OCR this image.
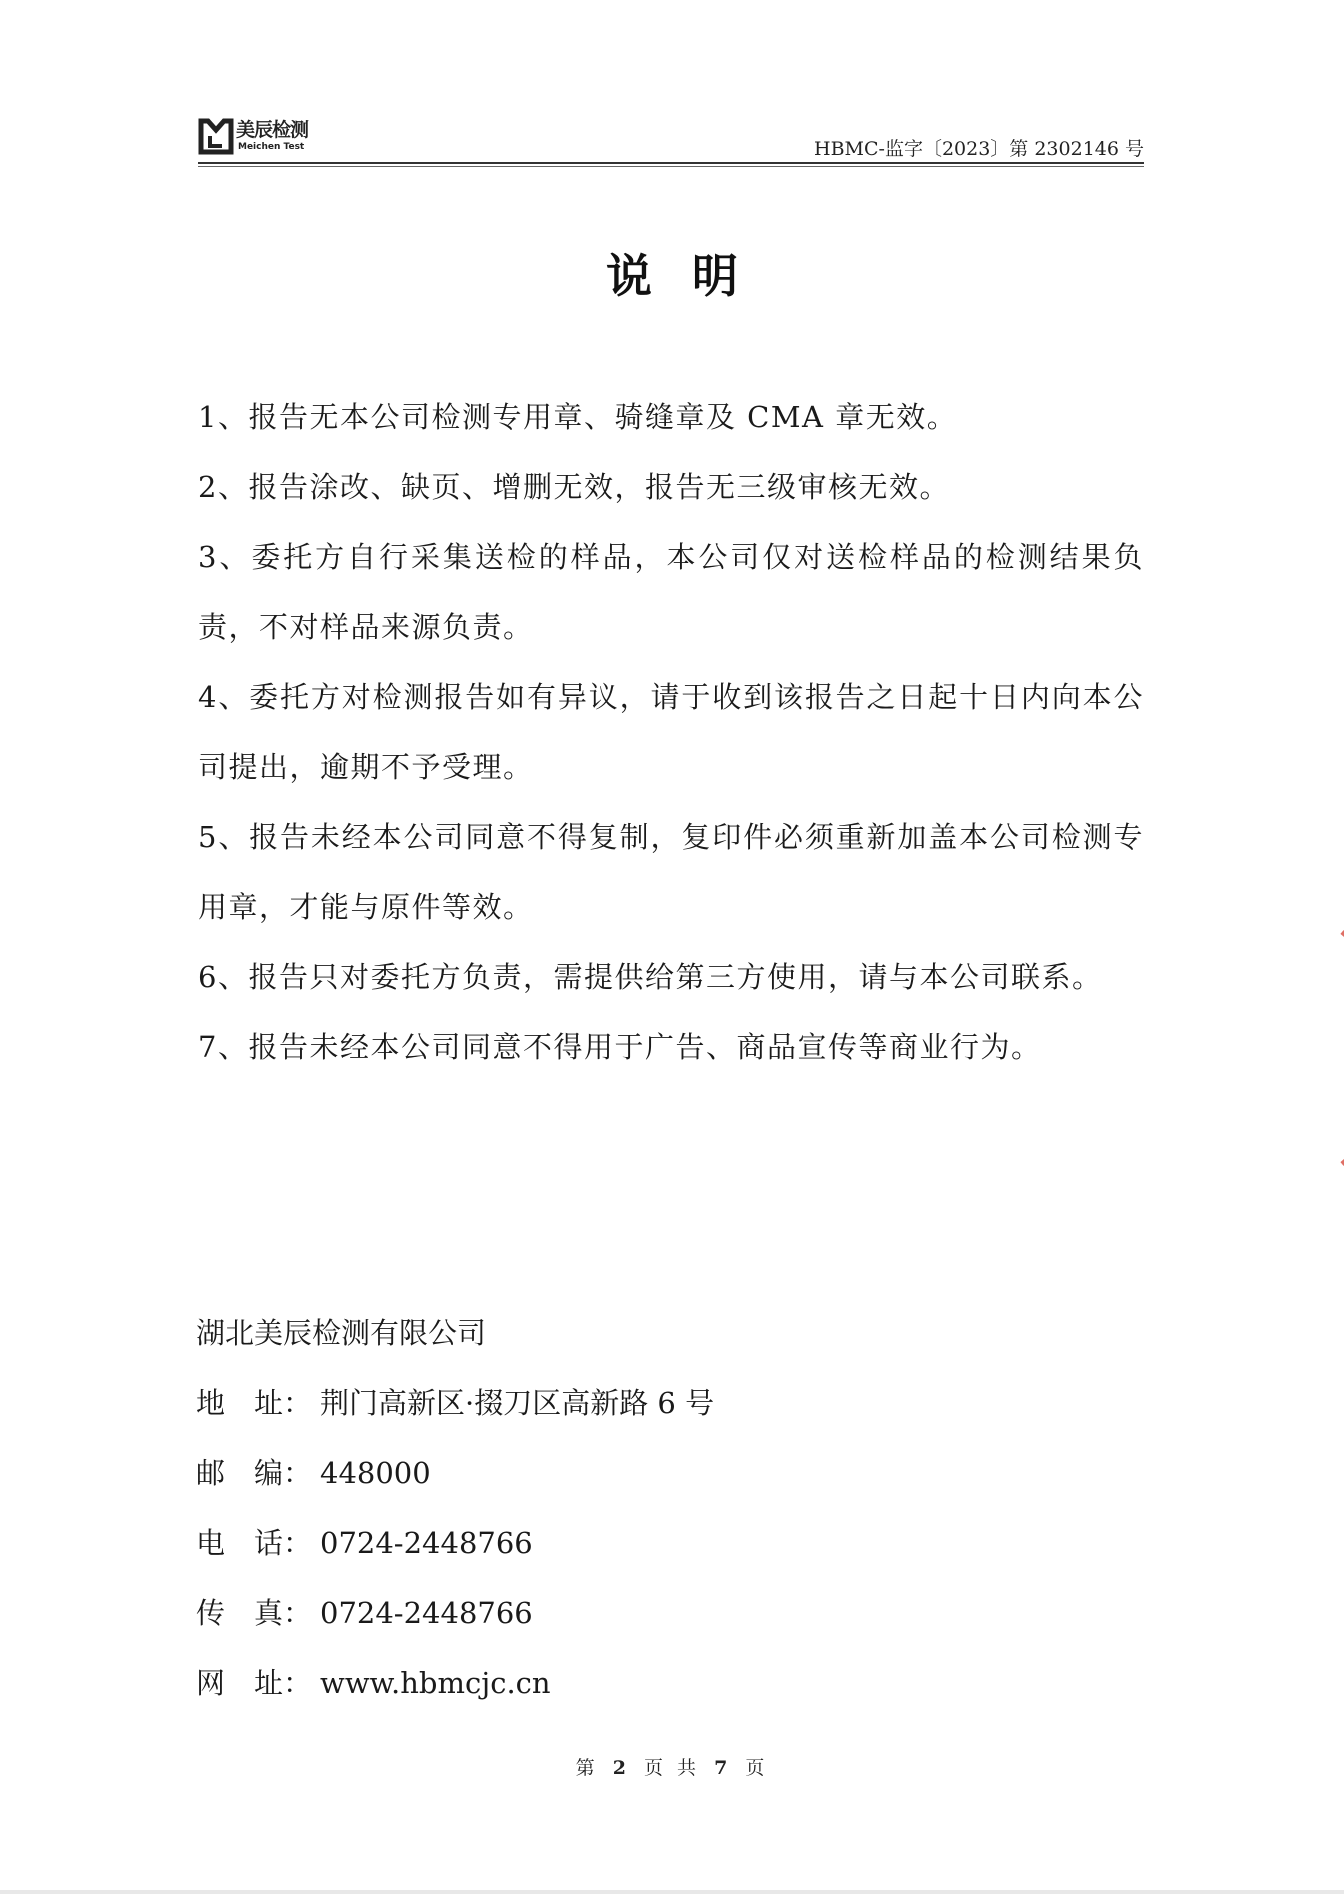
美辰检测
Meichen Test	HBMC-监字〔2023〕第 2302146 号
说明

1、报告无本公司检测专用章、骑缝章及 CMA 章无效。

2、报告涂改、缺页、增删无效，报告无三级审核无效。

3、委托方自行采集送检的样品，本公司仅对送检样品的检测结果负责，不对样品来源负责。

4、委托方对检测报告如有异议，请于收到该报告之日起十日内向本公司提出，逾期不予受理。

5、报告未经本公司同意不得复制，复印件必须重新加盖本公司检测专用章，才能与原件等效。

6、报告只对委托方负责，需提供给第三方使用，请与本公司联系。

7、报告未经本公司同意不得用于广告、商品宣传等商业行为。

湖北美辰检测有限公司
地　址： 荆门高新区·掇刀区高新路 6 号
邮　编： 448000
电　话： 0724-2448766
传　真： 0724-2448766
网　址： www.hbmcjc.cn
第 2 页 共 7 页
